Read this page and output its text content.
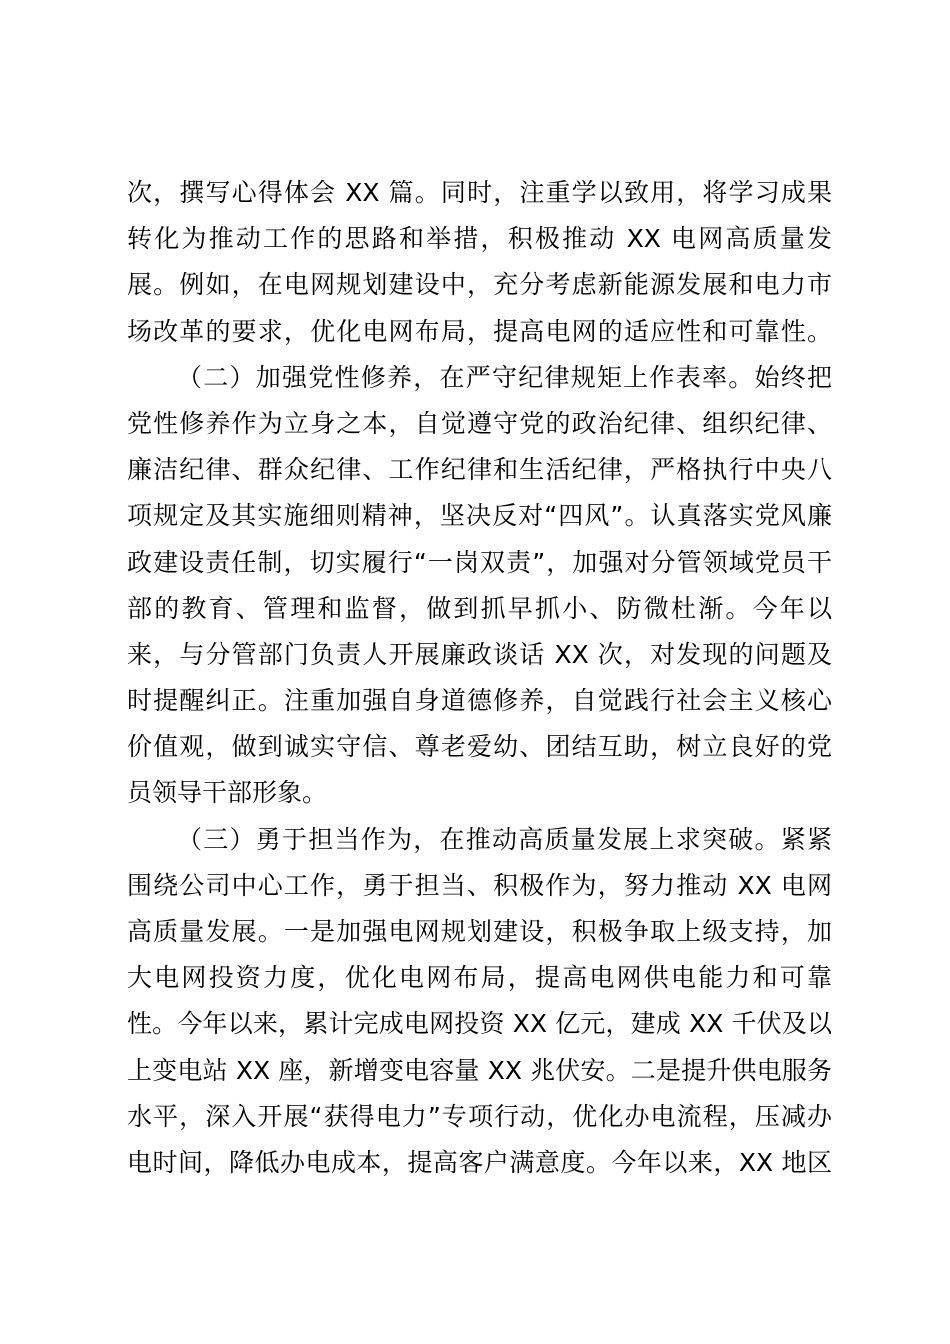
次，撰写心得体会 XX 篇。同时，注重学以致用，将学习成果
转化为推动工作的思路和举措，积极推动 XX 电网高质量发
展。例如，在电网规划建设中，充分考虑新能源发展和电力市
场改革的要求，优化电网布局，提高电网的适应性和可靠性。
（二）加强党性修养，在严守纪律规矩上作表率。始终把
党性修养作为立身之本，自觉遵守党的政治纪律、组织纪律、
廉洁纪律、群众纪律、工作纪律和生活纪律，严格执行中央八
项规定及其实施细则精神，坚决反对“四风”。认真落实党风廉
政建设责任制，切实履行“一岗双责”，加强对分管领域党员干
部的教育、管理和监督，做到抓早抓小、防微杜渐。今年以
来，与分管部门负责人开展廉政谈话 XX 次，对发现的问题及
时提醒纠正。注重加强自身道德修养，自觉践行社会主义核心
价值观，做到诚实守信、尊老爱幼、团结互助，树立良好的党
员领导干部形象。
（三）勇于担当作为，在推动高质量发展上求突破。紧紧
围绕公司中心工作，勇于担当、积极作为，努力推动 XX 电网
高质量发展。一是加强电网规划建设，积极争取上级支持，加
大电网投资力度，优化电网布局，提高电网供电能力和可靠
性。今年以来，累计完成电网投资 XX 亿元，建成 XX 千伏及以
上变电站 XX 座，新增变电容量 XX 兆伏安。二是提升供电服务
水平，深入开展“获得电力”专项行动，优化办电流程，压减办
电时间，降低办电成本，提高客户满意度。今年以来，XX 地区
